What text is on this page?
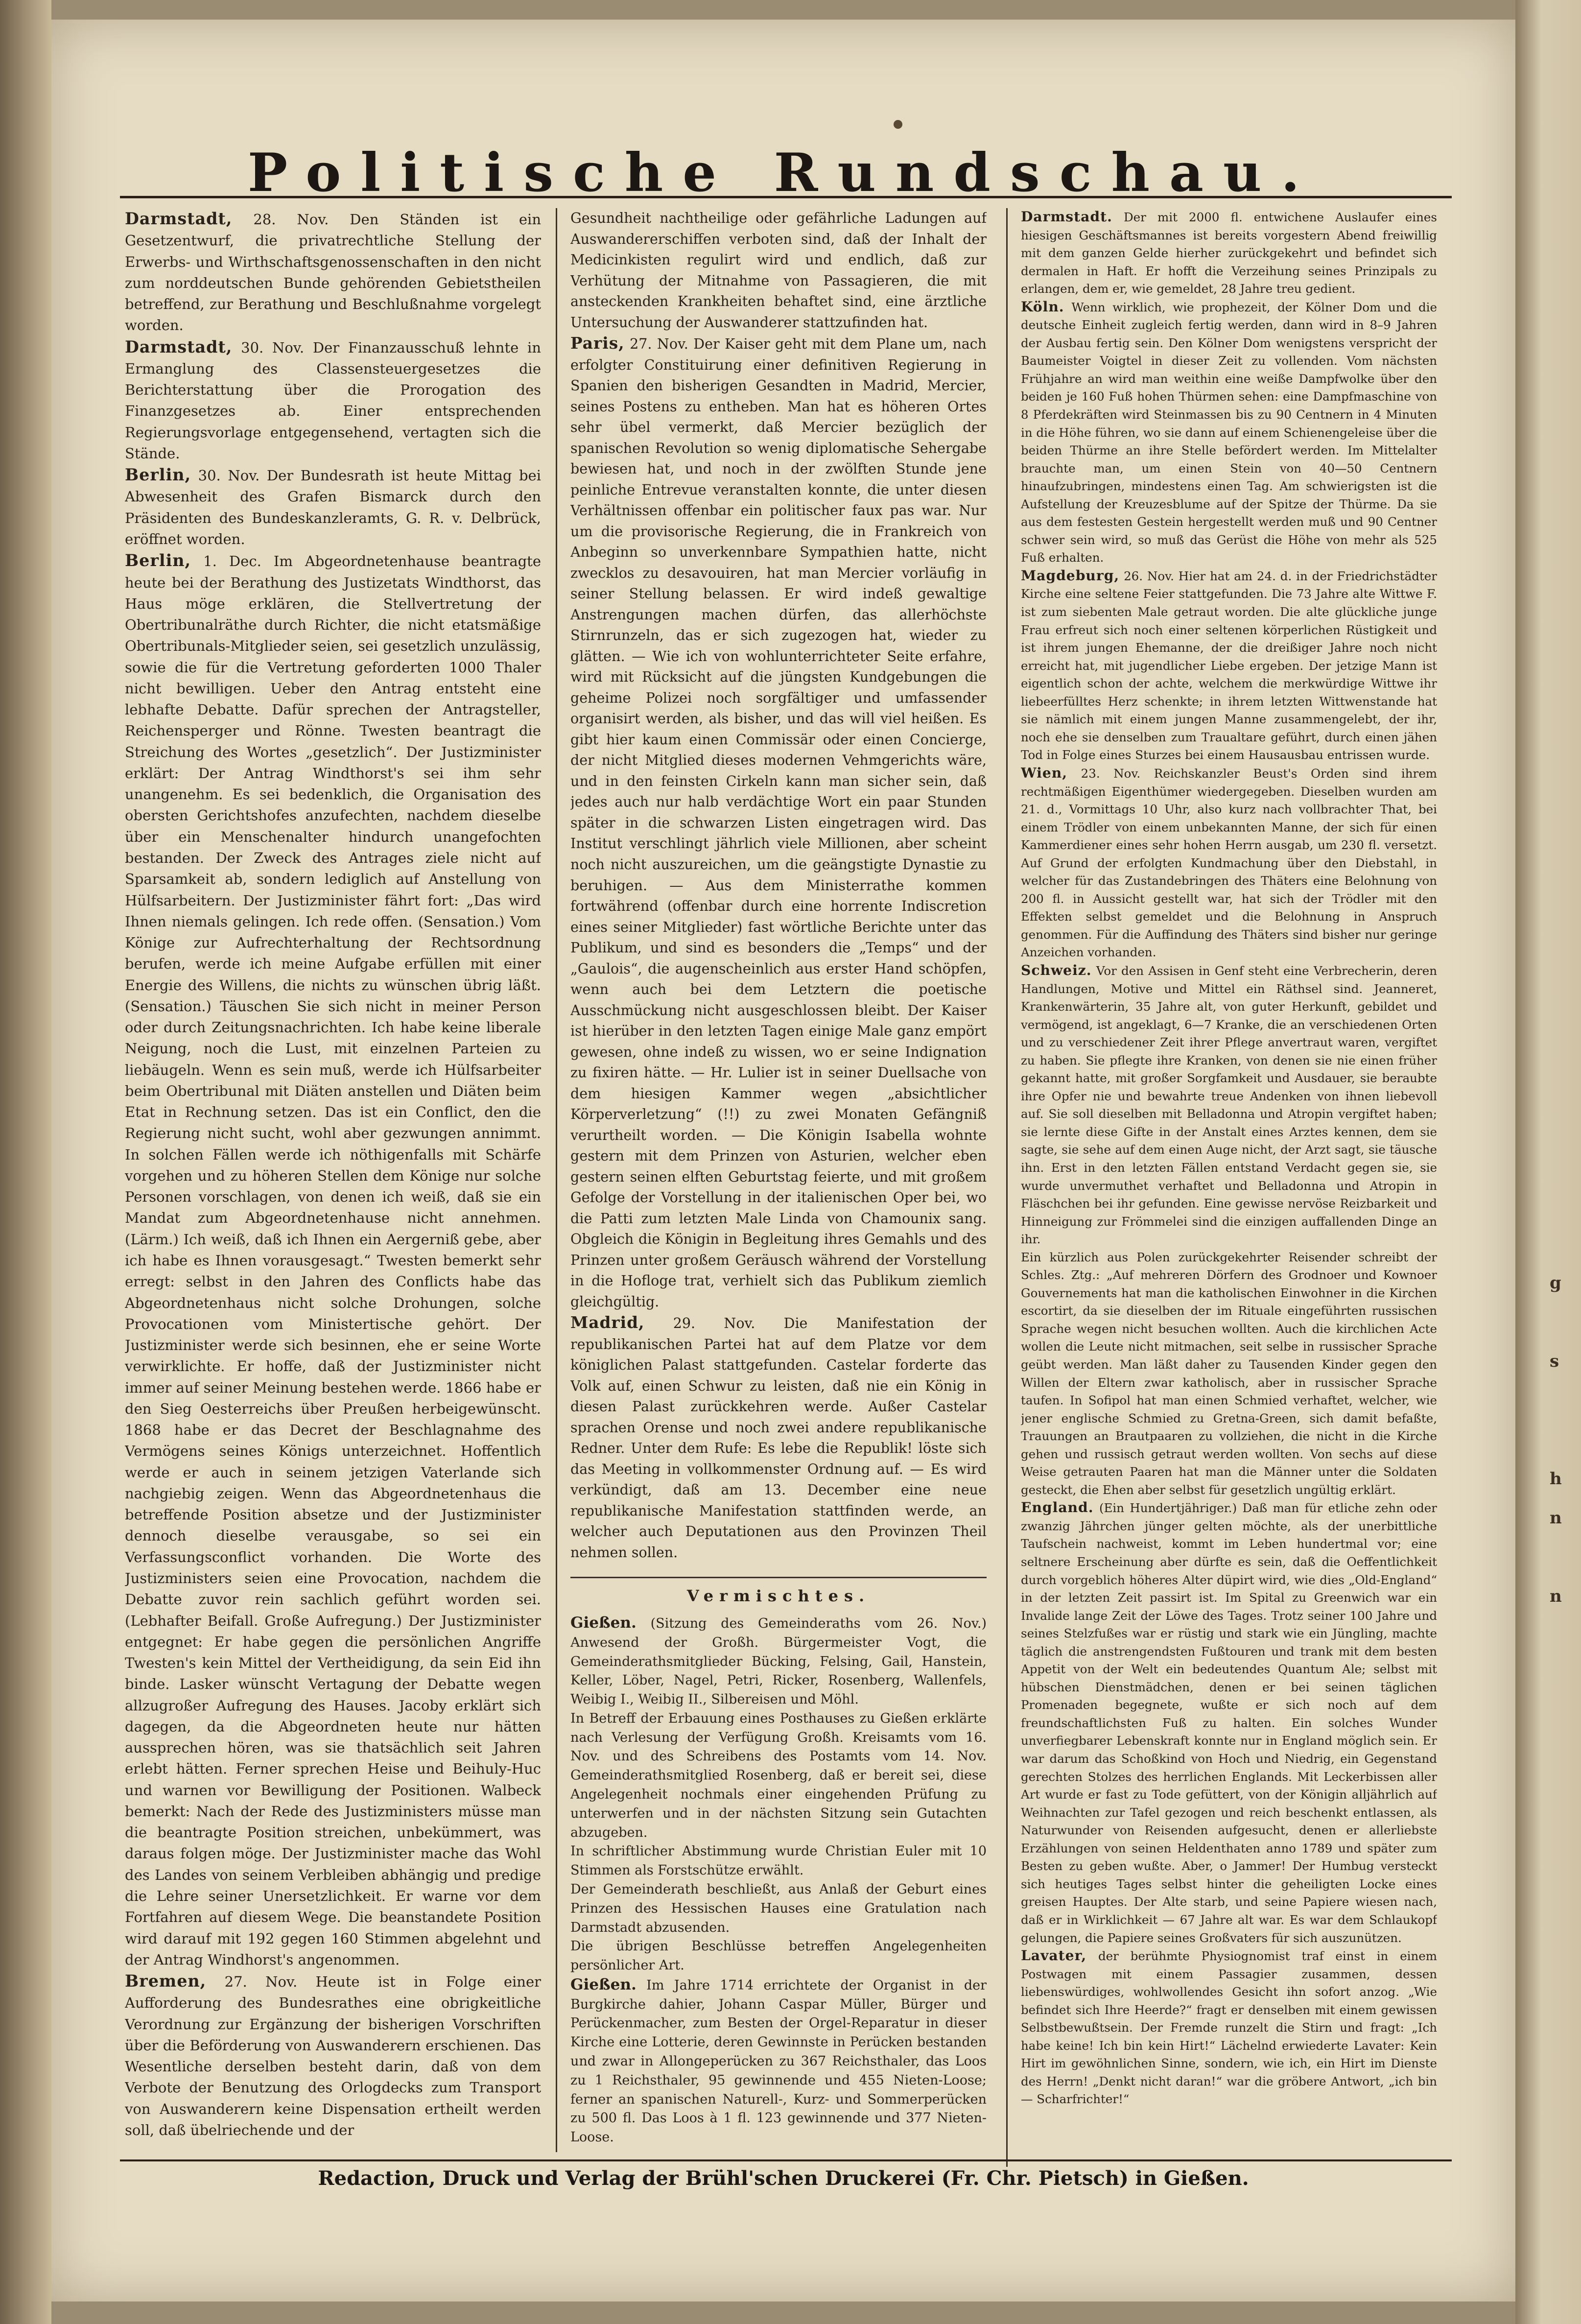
Politische Rundschau.

Darmstadt, 28. Nov. Den Ständen ist ein Gesetzentwurf, die privatrechtliche Stellung der Erwerbs- und Wirthschaftsgenossenschaften in den nicht zum norddeutschen Bunde gehörenden Gebietstheilen betreffend, zur Berathung und Beschlußnahme vorgelegt worden.

Darmstadt, 30. Nov. Der Finanzausschuß lehnte in Ermanglung des Classensteuergesetzes die Berichterstattung über die Prorogation des Finanzgesetzes ab. Einer entsprechenden Regierungsvorlage entgegensehend, vertagten sich die Stände.

Berlin, 30. Nov. Der Bundesrath ist heute Mittag bei Abwesenheit des Grafen Bismarck durch den Präsidenten des Bundeskanzleramts, G. R. v. Delbrück, eröffnet worden.

Berlin, 1. Dec. Im Abgeordnetenhause beantragte heute bei der Berathung des Justizetats Windthorst, das Haus möge erklären, die Stellvertretung der Obertribunalräthe durch Richter, die nicht etatsmäßige Obertribunals-Mitglieder seien, sei gesetzlich unzulässig, sowie die für die Vertretung geforderten 1000 Thaler nicht bewilligen. Ueber den Antrag entsteht eine lebhafte Debatte. Dafür sprechen der Antragsteller, Reichensperger und Rönne. Twesten beantragt die Streichung des Wortes „gesetzlich“. Der Justizminister erklärt: Der Antrag Windthorst's sei ihm sehr unangenehm. Es sei bedenklich, die Organisation des obersten Gerichtshofes anzufechten, nachdem dieselbe über ein Menschenalter hindurch unangefochten bestanden. Der Zweck des Antrages ziele nicht auf Sparsamkeit ab, sondern lediglich auf Anstellung von Hülfsarbeitern. Der Justizminister fährt fort: „Das wird Ihnen niemals gelingen. Ich rede offen. (Sensation.) Vom Könige zur Aufrechterhaltung der Rechtsordnung berufen, werde ich meine Aufgabe erfüllen mit einer Energie des Willens, die nichts zu wünschen übrig läßt. (Sensation.) Täuschen Sie sich nicht in meiner Person oder durch Zeitungsnachrichten. Ich habe keine liberale Neigung, noch die Lust, mit einzelnen Parteien zu liebäugeln. Wenn es sein muß, werde ich Hülfsarbeiter beim Obertribunal mit Diäten anstellen und Diäten beim Etat in Rechnung setzen. Das ist ein Conflict, den die Regierung nicht sucht, wohl aber gezwungen annimmt. In solchen Fällen werde ich nöthigenfalls mit Schärfe vorgehen und zu höheren Stellen dem Könige nur solche Personen vorschlagen, von denen ich weiß, daß sie ein Mandat zum Abgeordnetenhause nicht annehmen. (Lärm.) Ich weiß, daß ich Ihnen ein Aergerniß gebe, aber ich habe es Ihnen vorausgesagt.“ Twesten bemerkt sehr erregt: selbst in den Jahren des Conflicts habe das Abgeordnetenhaus nicht solche Drohungen, solche Provocationen vom Ministertische gehört. Der Justizminister werde sich besinnen, ehe er seine Worte verwirklichte. Er hoffe, daß der Justizminister nicht immer auf seiner Meinung bestehen werde. 1866 habe er den Sieg Oesterreichs über Preußen herbeigewünscht. 1868 habe er das Decret der Beschlagnahme des Vermögens seines Königs unterzeichnet. Hoffentlich werde er auch in seinem jetzigen Vaterlande sich nachgiebig zeigen. Wenn das Abgeordnetenhaus die betreffende Position absetze und der Justizminister dennoch dieselbe verausgabe, so sei ein Verfassungsconflict vorhanden. Die Worte des Justizministers seien eine Provocation, nachdem die Debatte zuvor rein sachlich geführt worden sei. (Lebhafter Beifall. Große Aufregung.) Der Justizminister entgegnet: Er habe gegen die persönlichen Angriffe Twesten's kein Mittel der Vertheidigung, da sein Eid ihn binde. Lasker wünscht Vertagung der Debatte wegen allzugroßer Aufregung des Hauses. Jacoby erklärt sich dagegen, da die Abgeordneten heute nur hätten aussprechen hören, was sie thatsächlich seit Jahren erlebt hätten. Ferner sprechen Heise und Beihuly-Huc und warnen vor Bewilligung der Positionen. Walbeck bemerkt: Nach der Rede des Justizministers müsse man die beantragte Position streichen, unbekümmert, was daraus folgen möge. Der Justizminister mache das Wohl des Landes von seinem Verbleiben abhängig und predige die Lehre seiner Unersetzlichkeit. Er warne vor dem Fortfahren auf diesem Wege. Die beanstandete Position wird darauf mit 192 gegen 160 Stimmen abgelehnt und der Antrag Windhorst's angenommen.

Bremen, 27. Nov. Heute ist in Folge einer Aufforderung des Bundesrathes eine obrigkeitliche Verordnung zur Ergänzung der bisherigen Vorschriften über die Beförderung von Auswanderern erschienen. Das Wesentliche derselben besteht darin, daß von dem Verbote der Benutzung des Orlogdecks zum Transport von Auswanderern keine Dispensation ertheilt werden soll, daß übelriechende und der

Gesundheit nachtheilige oder gefährliche Ladungen auf Auswandererschiffen verboten sind, daß der Inhalt der Medicinkisten regulirt wird und endlich, daß zur Verhütung der Mitnahme von Passagieren, die mit ansteckenden Krankheiten behaftet sind, eine ärztliche Untersuchung der Auswanderer stattzufinden hat.

Paris, 27. Nov. Der Kaiser geht mit dem Plane um, nach erfolgter Constituirung einer definitiven Regierung in Spanien den bisherigen Gesandten in Madrid, Mercier, seines Postens zu entheben. Man hat es höheren Ortes sehr übel vermerkt, daß Mercier bezüglich der spanischen Revolution so wenig diplomatische Sehergabe bewiesen hat, und noch in der zwölften Stunde jene peinliche Entrevue veranstalten konnte, die unter diesen Verhältnissen offenbar ein politischer faux pas war. Nur um die provisorische Regierung, die in Frankreich von Anbeginn so unverkennbare Sympathien hatte, nicht zwecklos zu desavouiren, hat man Mercier vorläufig in seiner Stellung belassen. Er wird indeß gewaltige Anstrengungen machen dürfen, das allerhöchste Stirnrunzeln, das er sich zugezogen hat, wieder zu glätten. — Wie ich von wohlunterrichteter Seite erfahre, wird mit Rücksicht auf die jüngsten Kundgebungen die geheime Polizei noch sorgfältiger und umfassender organisirt werden, als bisher, und das will viel heißen. Es gibt hier kaum einen Commissär oder einen Concierge, der nicht Mitglied dieses modernen Vehmgerichts wäre, und in den feinsten Cirkeln kann man sicher sein, daß jedes auch nur halb verdächtige Wort ein paar Stunden später in die schwarzen Listen eingetragen wird. Das Institut verschlingt jährlich viele Millionen, aber scheint noch nicht auszureichen, um die geängstigte Dynastie zu beruhigen. — Aus dem Ministerrathe kommen fortwährend (offenbar durch eine horrente Indiscretion eines seiner Mitglieder) fast wörtliche Berichte unter das Publikum, und sind es besonders die „Temps“ und der „Gaulois“, die augenscheinlich aus erster Hand schöpfen, wenn auch bei dem Letztern die poetische Ausschmückung nicht ausgeschlossen bleibt. Der Kaiser ist hierüber in den letzten Tagen einige Male ganz empört gewesen, ohne indeß zu wissen, wo er seine Indignation zu fixiren hätte. — Hr. Lulier ist in seiner Duellsache von dem hiesigen Kammer wegen „absichtlicher Körperverletzung“ (!!) zu zwei Monaten Gefängniß verurtheilt worden. — Die Königin Isabella wohnte gestern mit dem Prinzen von Asturien, welcher eben gestern seinen elften Geburtstag feierte, und mit großem Gefolge der Vorstellung in der italienischen Oper bei, wo die Patti zum letzten Male Linda von Chamounix sang. Obgleich die Königin in Begleitung ihres Gemahls und des Prinzen unter großem Geräusch während der Vorstellung in die Hofloge trat, verhielt sich das Publikum ziemlich gleichgültig.

Madrid, 29. Nov. Die Manifestation der republikanischen Partei hat auf dem Platze vor dem königlichen Palast stattgefunden. Castelar forderte das Volk auf, einen Schwur zu leisten, daß nie ein König in diesen Palast zurückkehren werde. Außer Castelar sprachen Orense und noch zwei andere republikanische Redner. Unter dem Rufe: Es lebe die Republik! löste sich das Meeting in vollkommenster Ordnung auf. — Es wird verkündigt, daß am 13. December eine neue republikanische Manifestation stattfinden werde, an welcher auch Deputationen aus den Provinzen Theil nehmen sollen.

Vermischtes.

Gießen. (Sitzung des Gemeinderaths vom 26. Nov.) Anwesend der Großh. Bürgermeister Vogt, die Gemeinderathsmitglieder Bücking, Felsing, Gail, Hanstein, Keller, Löber, Nagel, Petri, Ricker, Rosenberg, Wallenfels, Weibig I., Weibig II., Silbereisen und Möhl.

In Betreff der Erbauung eines Posthauses zu Gießen erklärte nach Verlesung der Verfügung Großh. Kreisamts vom 16. Nov. und des Schreibens des Postamts vom 14. Nov. Gemeinderathsmitglied Rosenberg, daß er bereit sei, diese Angelegenheit nochmals einer eingehenden Prüfung zu unterwerfen und in der nächsten Sitzung sein Gutachten abzugeben.

In schriftlicher Abstimmung wurde Christian Euler mit 10 Stimmen als Forstschütze erwählt.

Der Gemeinderath beschließt, aus Anlaß der Geburt eines Prinzen des Hessischen Hauses eine Gratulation nach Darmstadt abzusenden.

Die übrigen Beschlüsse betreffen Angelegenheiten persönlicher Art.

Gießen. Im Jahre 1714 errichtete der Organist in der Burgkirche dahier, Johann Caspar Müller, Bürger und Perückenmacher, zum Besten der Orgel-Reparatur in dieser Kirche eine Lotterie, deren Gewinnste in Perücken bestanden und zwar in Allongeperücken zu 367 Reichsthaler, das Loos zu 1 Reichsthaler, 95 gewinnende und 455 Nieten-Loose; ferner an spanischen Naturell-, Kurz- und Sommerperücken zu 500 fl. Das Loos à 1 fl. 123 gewinnende und 377 Nieten-Loose.

Darmstadt. Der mit 2000 fl. entwichene Auslaufer eines hiesigen Geschäftsmannes ist bereits vorgestern Abend freiwillig mit dem ganzen Gelde hierher zurückgekehrt und befindet sich dermalen in Haft. Er hofft die Verzeihung seines Prinzipals zu erlangen, dem er, wie gemeldet, 28 Jahre treu gedient.

Köln. Wenn wirklich, wie prophezeit, der Kölner Dom und die deutsche Einheit zugleich fertig werden, dann wird in 8–9 Jahren der Ausbau fertig sein. Den Kölner Dom wenigstens verspricht der Baumeister Voigtel in dieser Zeit zu vollenden. Vom nächsten Frühjahre an wird man weithin eine weiße Dampfwolke über den beiden je 160 Fuß hohen Thürmen sehen: eine Dampfmaschine von 8 Pferdekräften wird Steinmassen bis zu 90 Centnern in 4 Minuten in die Höhe führen, wo sie dann auf einem Schienengeleise über die beiden Thürme an ihre Stelle befördert werden. Im Mittelalter brauchte man, um einen Stein von 40—50 Centnern hinaufzubringen, mindestens einen Tag. Am schwierigsten ist die Aufstellung der Kreuzesblume auf der Spitze der Thürme. Da sie aus dem festesten Gestein hergestellt werden muß und 90 Centner schwer sein wird, so muß das Gerüst die Höhe von mehr als 525 Fuß erhalten.

Magdeburg, 26. Nov. Hier hat am 24. d. in der Friedrichstädter Kirche eine seltene Feier stattgefunden. Die 73 Jahre alte Wittwe F. ist zum siebenten Male getraut worden. Die alte glückliche junge Frau erfreut sich noch einer seltenen körperlichen Rüstigkeit und ist ihrem jungen Ehemanne, der die dreißiger Jahre noch nicht erreicht hat, mit jugendlicher Liebe ergeben. Der jetzige Mann ist eigentlich schon der achte, welchem die merkwürdige Wittwe ihr liebeerfülltes Herz schenkte; in ihrem letzten Wittwenstande hat sie nämlich mit einem jungen Manne zusammengelebt, der ihr, noch ehe sie denselben zum Traualtare geführt, durch einen jähen Tod in Folge eines Sturzes bei einem Hausausbau entrissen wurde.

Wien, 23. Nov. Reichskanzler Beust's Orden sind ihrem rechtmäßigen Eigenthümer wiedergegeben. Dieselben wurden am 21. d., Vormittags 10 Uhr, also kurz nach vollbrachter That, bei einem Trödler von einem unbekannten Manne, der sich für einen Kammerdiener eines sehr hohen Herrn ausgab, um 230 fl. versetzt. Auf Grund der erfolgten Kundmachung über den Diebstahl, in welcher für das Zustandebringen des Thäters eine Belohnung von 200 fl. in Aussicht gestellt war, hat sich der Trödler mit den Effekten selbst gemeldet und die Belohnung in Anspruch genommen. Für die Auffindung des Thäters sind bisher nur geringe Anzeichen vorhanden.

Schweiz. Vor den Assisen in Genf steht eine Verbrecherin, deren Handlungen, Motive und Mittel ein Räthsel sind. Jeanneret, Krankenwärterin, 35 Jahre alt, von guter Herkunft, gebildet und vermögend, ist angeklagt, 6—7 Kranke, die an verschiedenen Orten und zu verschiedener Zeit ihrer Pflege anvertraut waren, vergiftet zu haben. Sie pflegte ihre Kranken, von denen sie nie einen früher gekannt hatte, mit großer Sorgfamkeit und Ausdauer, sie beraubte ihre Opfer nie und bewahrte treue Andenken von ihnen liebevoll auf. Sie soll dieselben mit Belladonna und Atropin vergiftet haben; sie lernte diese Gifte in der Anstalt eines Arztes kennen, dem sie sagte, sie sehe auf dem einen Auge nicht, der Arzt sagt, sie täusche ihn. Erst in den letzten Fällen entstand Verdacht gegen sie, sie wurde unvermuthet verhaftet und Belladonna und Atropin in Fläschchen bei ihr gefunden. Eine gewisse nervöse Reizbarkeit und Hinneigung zur Frömmelei sind die einzigen auffallenden Dinge an ihr.

Ein kürzlich aus Polen zurückgekehrter Reisender schreibt der Schles. Ztg.: „Auf mehreren Dörfern des Grodnoer und Kownoer Gouvernements hat man die katholischen Einwohner in die Kirchen escortirt, da sie dieselben der im Rituale eingeführten russischen Sprache wegen nicht besuchen wollten. Auch die kirchlichen Acte wollen die Leute nicht mitmachen, seit selbe in russischer Sprache geübt werden. Man läßt daher zu Tausenden Kinder gegen den Willen der Eltern zwar katholisch, aber in russischer Sprache taufen. In Sofipol hat man einen Schmied verhaftet, welcher, wie jener englische Schmied zu Gretna-Green, sich damit befaßte, Trauungen an Brautpaaren zu vollziehen, die nicht in die Kirche gehen und russisch getraut werden wollten. Von sechs auf diese Weise getrauten Paaren hat man die Männer unter die Soldaten gesteckt, die Ehen aber selbst für gesetzlich ungültig erklärt.

England. (Ein Hundertjähriger.) Daß man für etliche zehn oder zwanzig Jährchen jünger gelten möchte, als der unerbittliche Taufschein nachweist, kommt im Leben hundertmal vor; eine seltnere Erscheinung aber dürfte es sein, daß die Oeffentlichkeit durch vorgeblich höheres Alter düpirt wird, wie dies „Old-England“ in der letzten Zeit passirt ist. Im Spital zu Greenwich war ein Invalide lange Zeit der Löwe des Tages. Trotz seiner 100 Jahre und seines Stelzfußes war er rüstig und stark wie ein Jüngling, machte täglich die anstrengendsten Fußtouren und trank mit dem besten Appetit von der Welt ein bedeutendes Quantum Ale; selbst mit hübschen Dienstmädchen, denen er bei seinen täglichen Promenaden begegnete, wußte er sich noch auf dem freundschaftlichsten Fuß zu halten. Ein solches Wunder unverfiegbarer Lebenskraft konnte nur in England möglich sein. Er war darum das Schoßkind von Hoch und Niedrig, ein Gegenstand gerechten Stolzes des herrlichen Englands. Mit Leckerbissen aller Art wurde er fast zu Tode gefüttert, von der Königin alljährlich auf Weihnachten zur Tafel gezogen und reich beschenkt entlassen, als Naturwunder von Reisenden aufgesucht, denen er allerliebste Erzählungen von seinen Heldenthaten anno 1789 und später zum Besten zu geben wußte. Aber, o Jammer! Der Humbug versteckt sich heutiges Tages selbst hinter die geheiligten Locke eines greisen Hauptes. Der Alte starb, und seine Papiere wiesen nach, daß er in Wirklichkeit — 67 Jahre alt war. Es war dem Schlaukopf gelungen, die Papiere seines Großvaters für sich auszunützen.

Lavater, der berühmte Physiognomist traf einst in einem Postwagen mit einem Passagier zusammen, dessen liebenswürdiges, wohlwollendes Gesicht ihn sofort anzog. „Wie befindet sich Ihre Heerde?“ fragt er denselben mit einem gewissen Selbstbewußtsein. Der Fremde runzelt die Stirn und fragt: „Ich habe keine! Ich bin kein Hirt!“ Lächelnd erwiederte Lavater: Kein Hirt im gewöhnlichen Sinne, sondern, wie ich, ein Hirt im Dienste des Herrn! „Denkt nicht daran!“ war die gröbere Antwort, „ich bin — Scharfrichter!“

Redaction, Druck und Verlag der Brühl'schen Druckerei (Fr. Chr. Pietsch) in Gießen.
g
s
h
n
n
